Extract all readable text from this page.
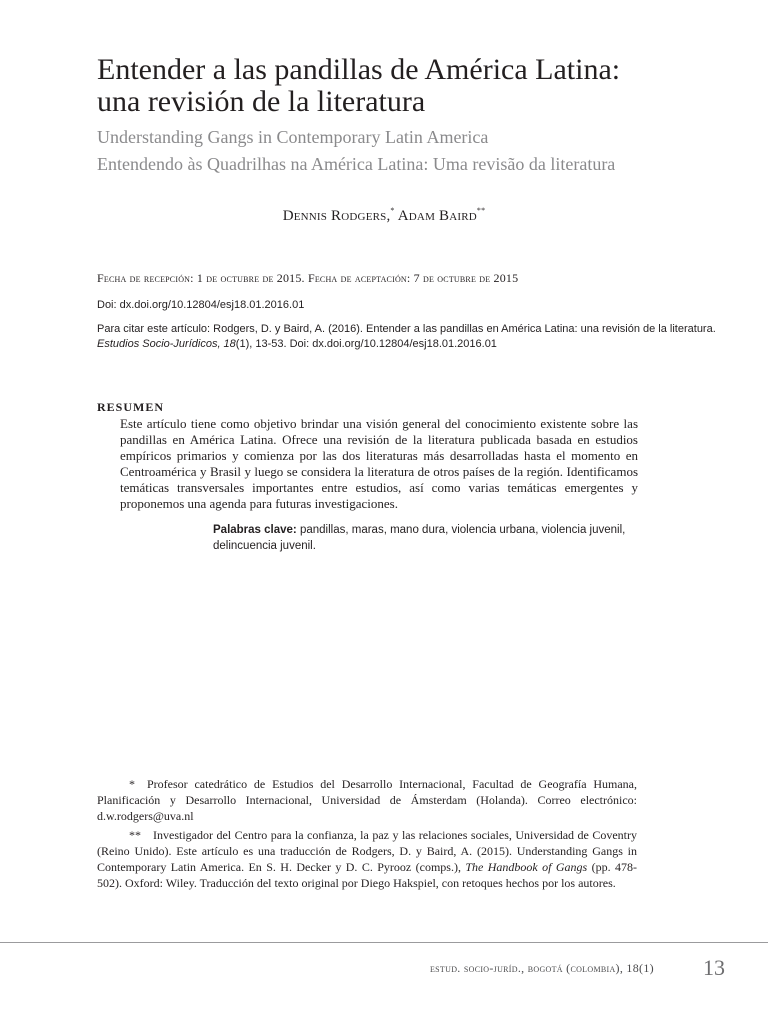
Entender a las pandillas de América Latina:
una revisión de la literatura
Understanding Gangs in Contemporary Latin America
Entendendo às Quadrilhas na América Latina: Uma revisão da literatura
Dennis Rodgers,* Adam Baird**
Fecha de recepción: 1 de octubre de 2015. Fecha de aceptación: 7 de octubre de 2015
Doi: dx.doi.org/10.12804/esj18.01.2016.01
Para citar este artículo: Rodgers, D. y Baird, A. (2016). Entender a las pandillas en América Latina: una revisión de la literatura. Estudios Socio-Jurídicos, 18(1), 13-53. Doi: dx.doi.org/10.12804/esj18.01.2016.01
RESUMEN

Este artículo tiene como objetivo brindar una visión general del conocimiento existente sobre las pandillas en América Latina. Ofrece una revisión de la literatura publicada basada en estudios empíricos primarios y comienza por las dos literaturas más desarrolladas hasta el momento en Centroamérica y Brasil y luego se considera la literatura de otros países de la región. Identificamos temáticas transversales importantes entre estudios, así como varias temáticas emergentes y proponemos una agenda para futuras investigaciones.

Palabras clave: pandillas, maras, mano dura, violencia urbana, violencia juvenil, delincuencia juvenil.
* Profesor catedrático de Estudios del Desarrollo Internacional, Facultad de Geografía Humana, Planificación y Desarrollo Internacional, Universidad de Ámsterdam (Holanda). Correo electrónico: d.w.rodgers@uva.nl
** Investigador del Centro para la confianza, la paz y las relaciones sociales, Universidad de Coventry (Reino Unido). Este artículo es una traducción de Rodgers, D. y Baird, A. (2015). Understanding Gangs in Contemporary Latin America. En S. H. Decker y D. C. Pyrooz (comps.), The Handbook of Gangs (pp. 478-502). Oxford: Wiley. Traducción del texto original por Diego Hakspiel, con retoques hechos por los autores.
estud. socio-juríd., bogotá (colombia), 18(1) 13
